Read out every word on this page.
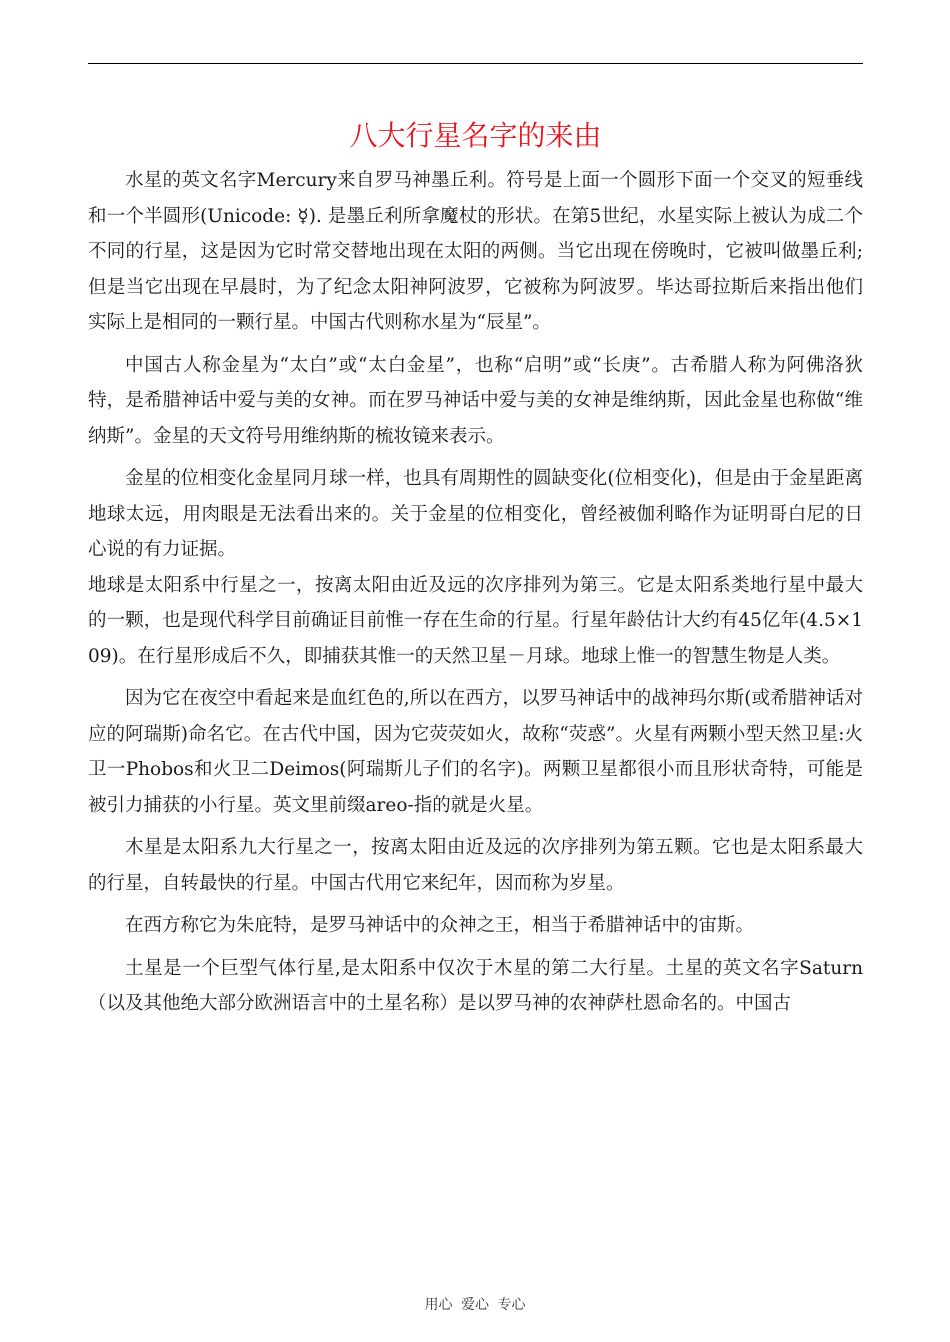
八大行星名字的来由

水星的英文名字Mercury来自罗马神墨丘利。符号是上面一个圆形下面一个交叉的短垂线和一个半圆形(Unicode: ☿). 是墨丘利所拿魔杖的形状。在第5世纪，水星实际上被认为成二个不同的行星，这是因为它时常交替地出现在太阳的两侧。当它出现在傍晚时，它被叫做墨丘利;但是当它出现在早晨时，为了纪念太阳神阿波罗，它被称为阿波罗。毕达哥拉斯后来指出他们实际上是相同的一颗行星。中国古代则称水星为“辰星”。

中国古人称金星为“太白”或“太白金星”，也称“启明”或“长庚”。古希腊人称为阿佛洛狄特，是希腊神话中爱与美的女神。而在罗马神话中爱与美的女神是维纳斯，因此金星也称做“维纳斯”。金星的天文符号用维纳斯的梳妆镜来表示。

金星的位相变化金星同月球一样，也具有周期性的圆缺变化(位相变化)，但是由于金星距离地球太远，用肉眼是无法看出来的。关于金星的位相变化，曾经被伽利略作为证明哥白尼的日心说的有力证据。

地球是太阳系中行星之一，按离太阳由近及远的次序排列为第三。它是太阳系类地行星中最大的一颗，也是现代科学目前确证目前惟一存在生命的行星。行星年龄估计大约有45亿年(4.5×109)。在行星形成后不久，即捕获其惟一的天然卫星－月球。地球上惟一的智慧生物是人类。

因为它在夜空中看起来是血红色的,所以在西方，以罗马神话中的战神玛尔斯(或希腊神话对应的阿瑞斯)命名它。在古代中国，因为它荧荧如火，故称“荧惑”。火星有两颗小型天然卫星:火卫一Phobos和火卫二Deimos(阿瑞斯儿子们的名字)。两颗卫星都很小而且形状奇特，可能是被引力捕获的小行星。英文里前缀areo-指的就是火星。

木星是太阳系九大行星之一，按离太阳由近及远的次序排列为第五颗。它也是太阳系最大的行星，自转最快的行星。中国古代用它来纪年，因而称为岁星。

在西方称它为朱庇特，是罗马神话中的众神之王，相当于希腊神话中的宙斯。

土星是一个巨型气体行星,是太阳系中仅次于木星的第二大行星。土星的英文名字Saturn（以及其他绝大部分欧洲语言中的土星名称）是以罗马神的农神萨杜恩命名的。中国古

用心 爱心 专心
